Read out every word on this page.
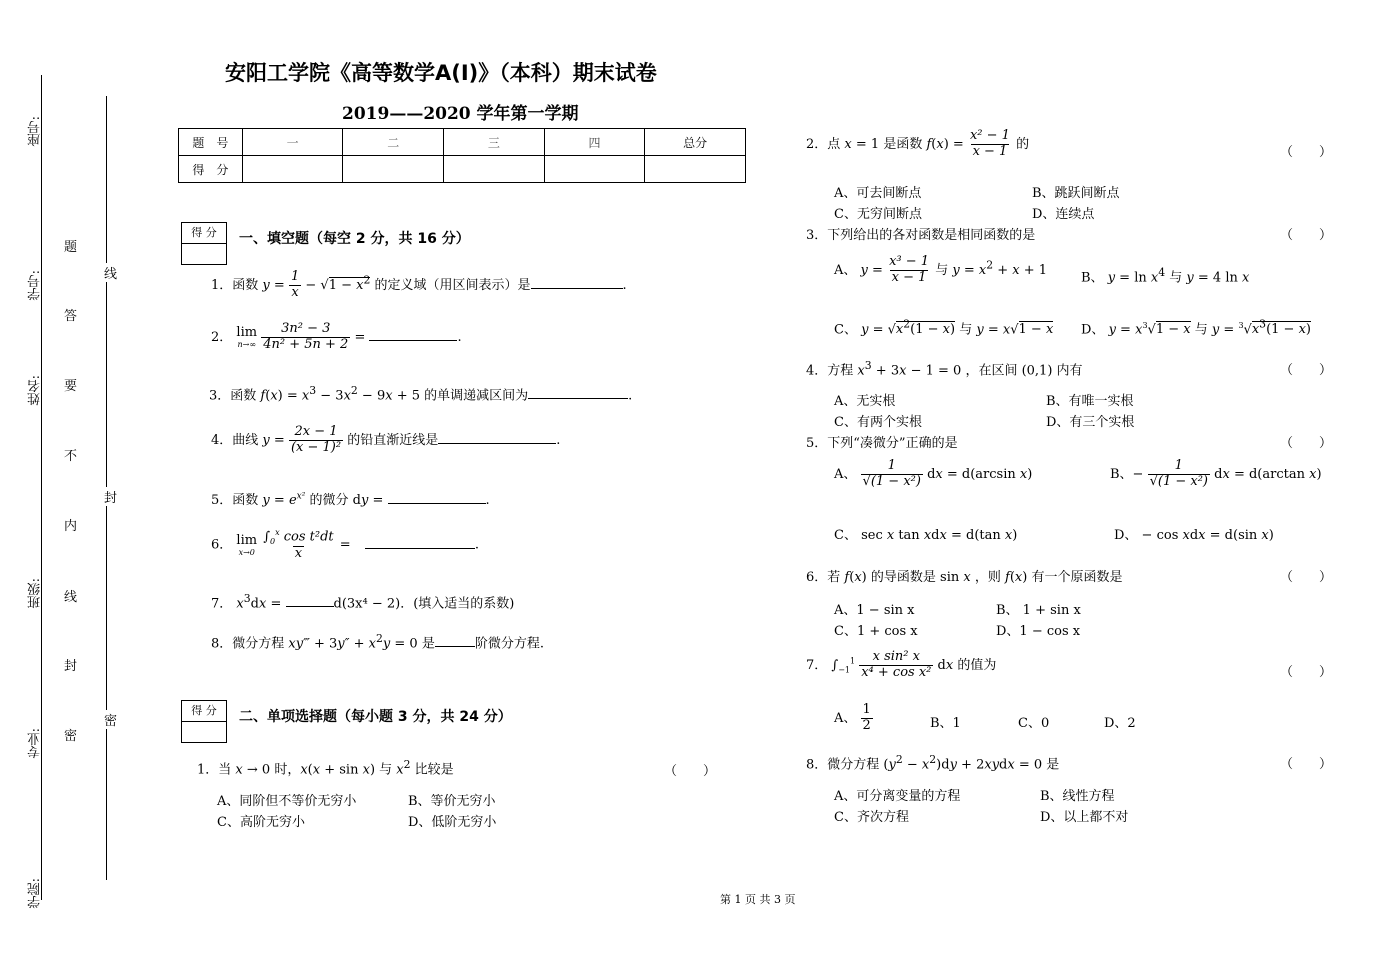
座号:
学号:
姓名:
班级:
专业:
学院:
题
答
要
不
内
线
封
密
线
封
密
安阳工学院《高等数学A(Ⅰ)》（本科）期末试卷
2019——2020 学年第一学期
题　号	一	二	三	四	总分
得　分					
得 分	一、填空题（每空 2 分，共 16 分）
1．函数 $y = \frac{1}{x} - √1 - x^2$ 的定义域（用区间表示）是	.
2． lim
n→∞
$\frac{\text{3n² − 3}}{\text{4n² + 5n + 2}}$ =	.
3．函数 $f(x) = x^3 - 3x^2 - 9x + 5$ 的单调递减区间为	.
4．曲线 $y = \frac{2x - 1}{\text{(x − 1)²}}$ 的铅直渐近线是	.
5．函数 $y = e^{x^2}$ 的微分 dy =	.
6． lim
x→0
$\frac{\int_0^x \cos t^2dt}{x}$ =	.
7． $x^3dx$ =	d(3x⁴ − 2)．(填入适当的系数)
8．微分方程 xy‴ + $3y'' + x^2y = 0$ 是	阶微分方程.
得 分	二、单项选择题（每小题 3 分，共 24 分）
1．当 x → 0 时，x(x + sin x) 与 $x^2$ 比较是	（　　）
A、同阶但不等价无穷小	B、等价无穷小
C、高阶无穷小	D、低阶无穷小
2．点 x = 1 是函数 $f(x) = \frac{\text{x² − 1}}{x - 1}$ 的
（　　）
A、可去间断点	B、跳跃间断点
C、无穷间断点	D、连续点
3．下列给出的各对函数是相同函数的是	（　　）
A、 $y = \frac{\text{x³ − 1}}{x - 1}$ 与 $y = x^2 + x + 1$	B、 $y = \ln x^4$ 与 y = 4 ln x
C、 $y = √x^2(1 - x)$ 与 y = x√1 − x D、 $y = x^3√1 - x$ 与 $y = ^3√x^3(1 - x)$
4．方程 $x^3 + 3x - 1 = 0$ ，在区间 (0,1) 内有	（　　）
A、无实根	B、有唯一实根
C、有两个实根	D、有三个实根
5．下列“凑微分”正确的是	（　　）
A、 $\frac{1}{\text{√(1 − x²)}}$ dx = d(arcsin x)	B、− $\frac{1}{\text{√(1 − x²)}}$ dx = d(arctan x)
C、 sec x tan xdx = d(tan x)	D、 − cos xdx = d(sin x)
6．若 f(x) 的导函数是 sin x ，则 f(x) 有一个原函数是	（　　）
A、1 − sin x	B、 1 + sin x
C、1 + cos x	D、1 − cos x
7． $\int_{-1}^1 \frac{\text{x sin² x}}{\text{x⁴ + cos x²}}$ dx 的值为	（　　）
A、 $\frac{1}{2}$	B、1	C、0	D、2
8．微分方程 $(y^2 - x^2)dy$ + 2xydx = 0 是	（　　）
A、可分离变量的方程	B、线性方程
C、齐次方程	D、以上都不对
第 1 页 共 3 页
